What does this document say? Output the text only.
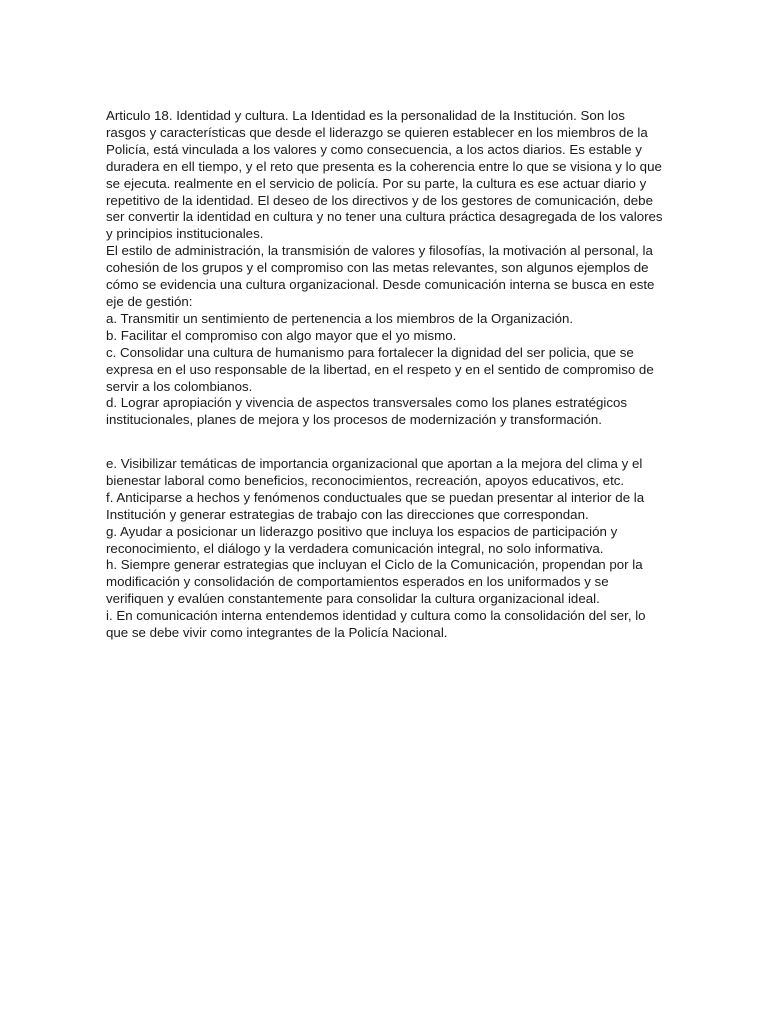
Articulo 18. Identidad y cultura. La Identidad es la personalidad de la Institución. Son los rasgos y características que desde el liderazgo se quieren establecer en los miembros de la Policía, está vinculada a los valores y como consecuencia, a los actos diarios. Es estable y duradera en ell tiempo, y el reto que presenta es la coherencia entre lo que se visiona y lo que se ejecuta. realmente en el servicio de policía. Por su parte, la cultura es ese actuar diario y repetitivo de la identidad. El deseo de los directivos y de los gestores de comunicación, debe ser convertir la identidad en cultura y no tener una cultura práctica desagregada de los valores y principios institucionales.

El estilo de administración, la transmisión de valores y filosofías, la motivación al personal, la cohesión de los grupos y el compromiso con las metas relevantes, son algunos ejemplos de cómo se evidencia una cultura organizacional. Desde comunicación interna se busca en este eje de gestión:

a. Transmitir un sentimiento de pertenencia a los miembros de la Organización.

b. Facilitar el compromiso con algo mayor que el yo mismo.

c. Consolidar una cultura de humanismo para fortalecer la dignidad del ser policia, que se expresa en el uso responsable de la libertad, en el respeto y en el sentido de compromiso de servir a los colombianos.

d. Lograr apropiación y vivencia de aspectos transversales como los planes estratégicos institucionales, planes de mejora y los procesos de modernización y transformación.

e. Visibilizar temáticas de importancia organizacional que aportan a la mejora del clima y el bienestar laboral como beneficios, reconocimientos, recreación, apoyos educativos, etc.

f. Anticiparse a hechos y fenómenos conductuales que se puedan presentar al interior de la Institución y generar estrategias de trabajo con las direcciones que correspondan.

g. Ayudar a posicionar un liderazgo positivo que incluya los espacios de participación y reconocimiento, el diálogo y la verdadera comunicación integral, no solo informativa.

h. Siempre generar estrategias que incluyan el Ciclo de la Comunicación, propendan por la modificación y consolidación de comportamientos esperados en los uniformados y se verifiquen y evalúen constantemente para consolidar la cultura organizacional ideal.

i. En comunicación interna entendemos identidad y cultura como la consolidación del ser, lo que se debe vivir como integrantes de la Policía Nacional.
